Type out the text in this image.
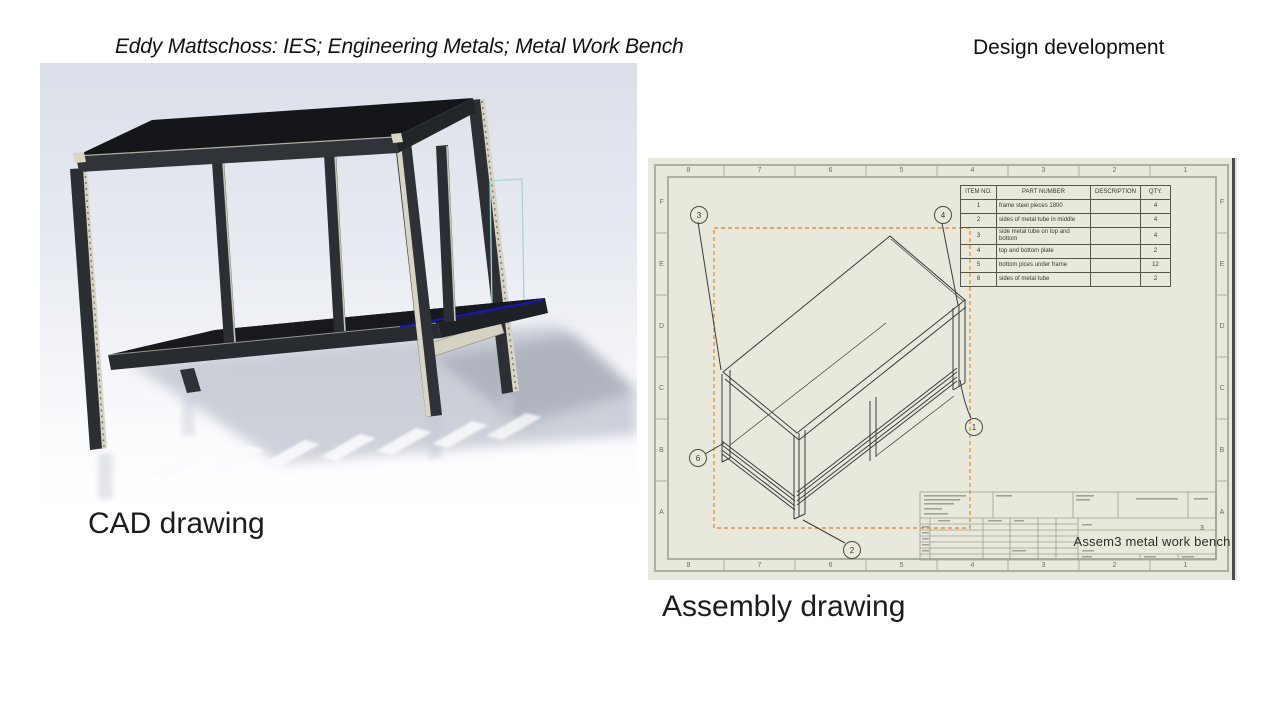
Eddy Mattschoss: IES; Engineering Metals; Metal Work Bench	Design development
CAD drawing
8	7	6	5	4	3	2	1
8	7	6	5	4	3	2	1
F
E
D
C
B
A
F
E
D
C
B
A
ITEM NO.	PART NUMBER	DESCRIPTION	QTY.
1	frame steel pieces 1800		4
2	sides of metal tube in middle		4
3	side metal tube on top and bottom		4
4	top and bottom plate		2
5	bottom pices under frame		12
6	sides of metal tube		2
3	4
1
6
2
Assem3 metal work bench
3
Assembly drawing
